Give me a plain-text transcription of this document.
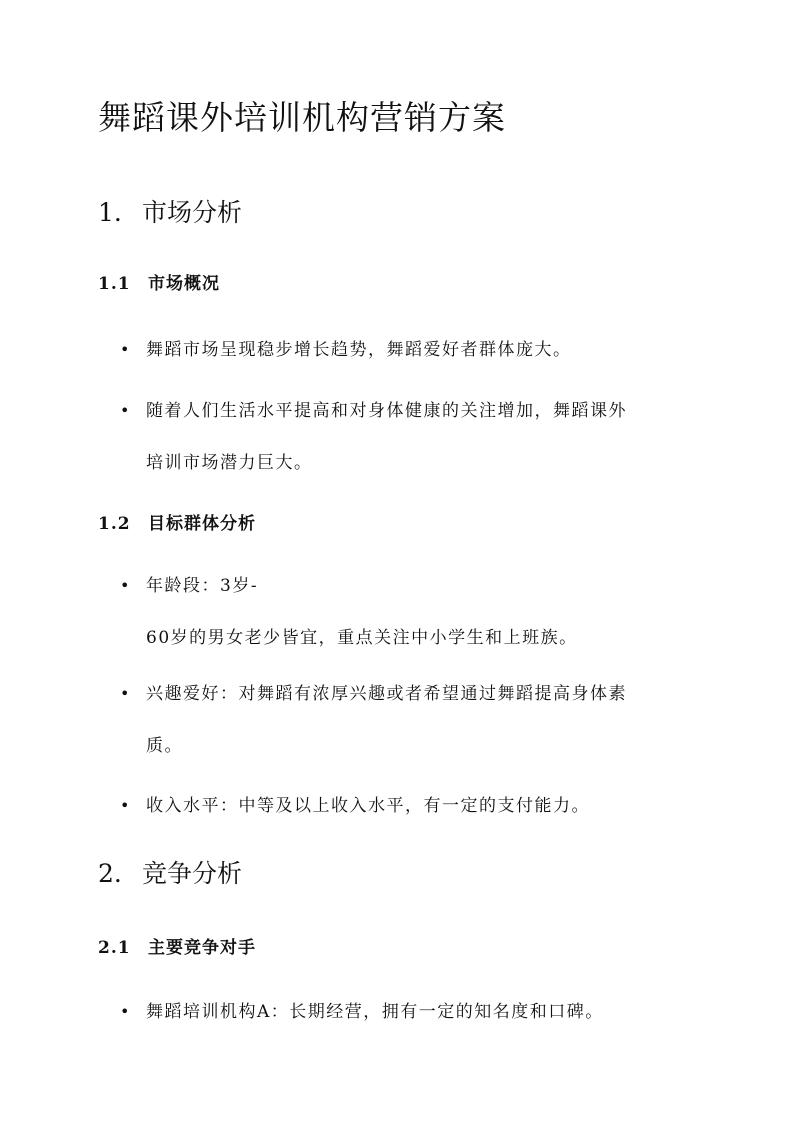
舞蹈课外培训机构营销方案
1. 市场分析
1.1 市场概况
• 舞蹈市场呈现稳步增长趋势，舞蹈爱好者群体庞大。
• 随着人们生活水平提高和对身体健康的关注增加，舞蹈课外
培训市场潜力巨大。
1.2 目标群体分析
• 年龄段：3岁-
60岁的男女老少皆宜，重点关注中小学生和上班族。
• 兴趣爱好：对舞蹈有浓厚兴趣或者希望通过舞蹈提高身体素
质。
• 收入水平：中等及以上收入水平，有一定的支付能力。
2. 竞争分析
2.1 主要竞争对手
• 舞蹈培训机构A：长期经营，拥有一定的知名度和口碑。
